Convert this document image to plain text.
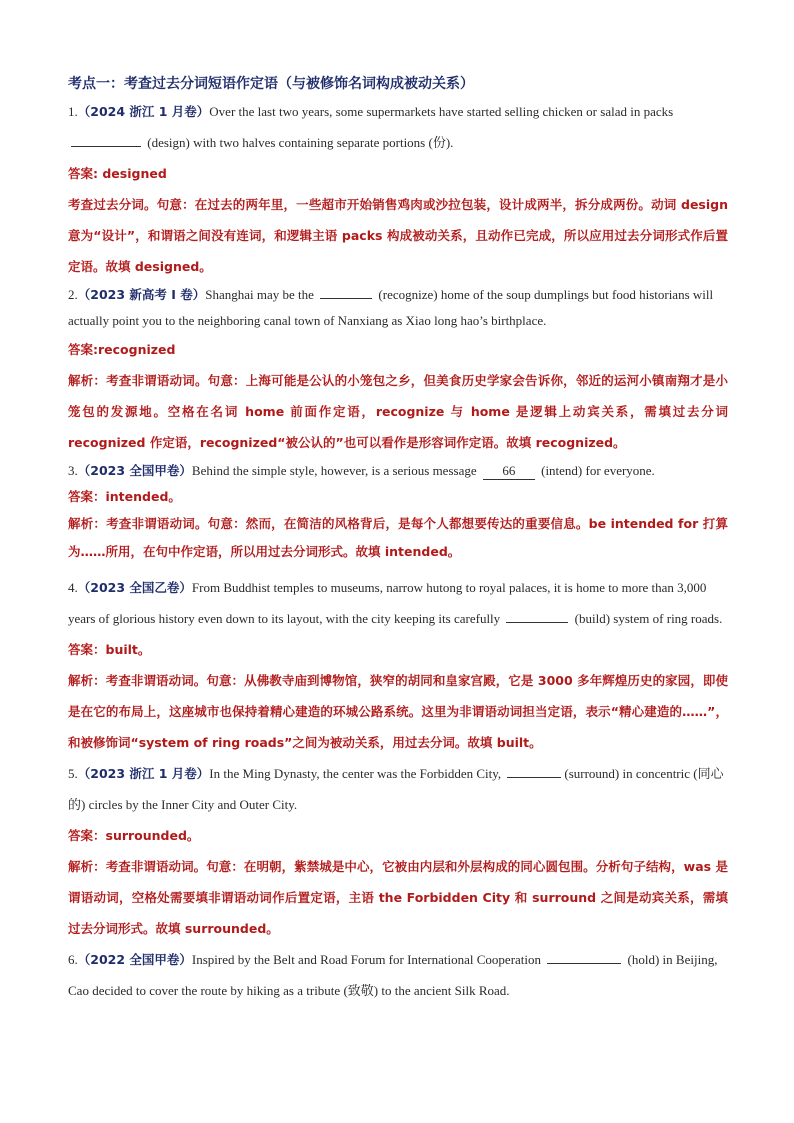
考点一：考查过去分词短语作定语（与被修饰名词构成被动关系）
1.（2024 浙江 1 月卷）Over the last two years, some supermarkets have started selling chicken or salad in packs
(design) with two halves containing separate portions (份).
答案: designed
考查过去分词。句意：在过去的两年里，一些超市开始销售鸡肉或沙拉包装，设计成两半，拆分成两份。动词 design 意为“设计”，和谓语之间没有连词，和逻辑主语 packs 构成被动关系，且动作已完成，所以应用过去分词形式作后置定语。故填 designed。
2.（2023 新高考 I 卷）Shanghai may be the	(recognize) home of the soup dumplings but food historians will actually point you to the neighboring canal town of Nanxiang as Xiao long hao’s birthplace.
答案:recognized
解析：考查非谓语动词。句意：上海可能是公认的小笼包之乡，但美食历史学家会告诉你，邻近的运河小镇南翔才是小笼包的发源地。空格在名词 home 前面作定语，recognize 与 home 是逻辑上动宾关系，需填过去分词 recognized 作定语，recognized“被公认的”也可以看作是形容词作定语。故填 recognized。
3.（2023 全国甲卷）Behind the simple style, however, is a serious message 66 (intend) for everyone.
答案：intended。
解析：考查非谓语动词。句意：然而，在简洁的风格背后，是每个人都想要传达的重要信息。be intended for 打算为……所用，在句中作定语，所以用过去分词形式。故填 intended。
4.（2023 全国乙卷）From Buddhist temples to museums, narrow hutong to royal palaces, it is home to more than 3,000 years of glorious history even down to its layout, with the city keeping its carefully	(build) system of ring roads.
答案：built。
解析：考查非谓语动词。句意：从佛教寺庙到博物馆，狭窄的胡同和皇家宫殿，它是 3000 多年辉煌历史的家园，即使是在它的布局上，这座城市也保持着精心建造的环城公路系统。这里为非谓语动词担当定语，表示“精心建造的……”，和被修饰词“system of ring roads”之间为被动关系，用过去分词。故填 built。
5.（2023 浙江 1 月卷）In the Ming Dynasty, the center was the Forbidden City,	(surround) in concentric (同心的) circles by the Inner City and Outer City.
答案：surrounded。
解析：考查非谓语动词。句意：在明朝，紫禁城是中心，它被由内层和外层构成的同心圆包围。分析句子结构，was 是谓语动词，空格处需要填非谓语动词作后置定语，主语 the Forbidden City 和 surround 之间是动宾关系，需填过去分词形式。故填 surrounded。
6.（2022 全国甲卷）Inspired by the Belt and Road Forum for International Cooperation	(hold) in Beijing, Cao decided to cover the route by hiking as a tribute (致敬) to the ancient Silk Road.
